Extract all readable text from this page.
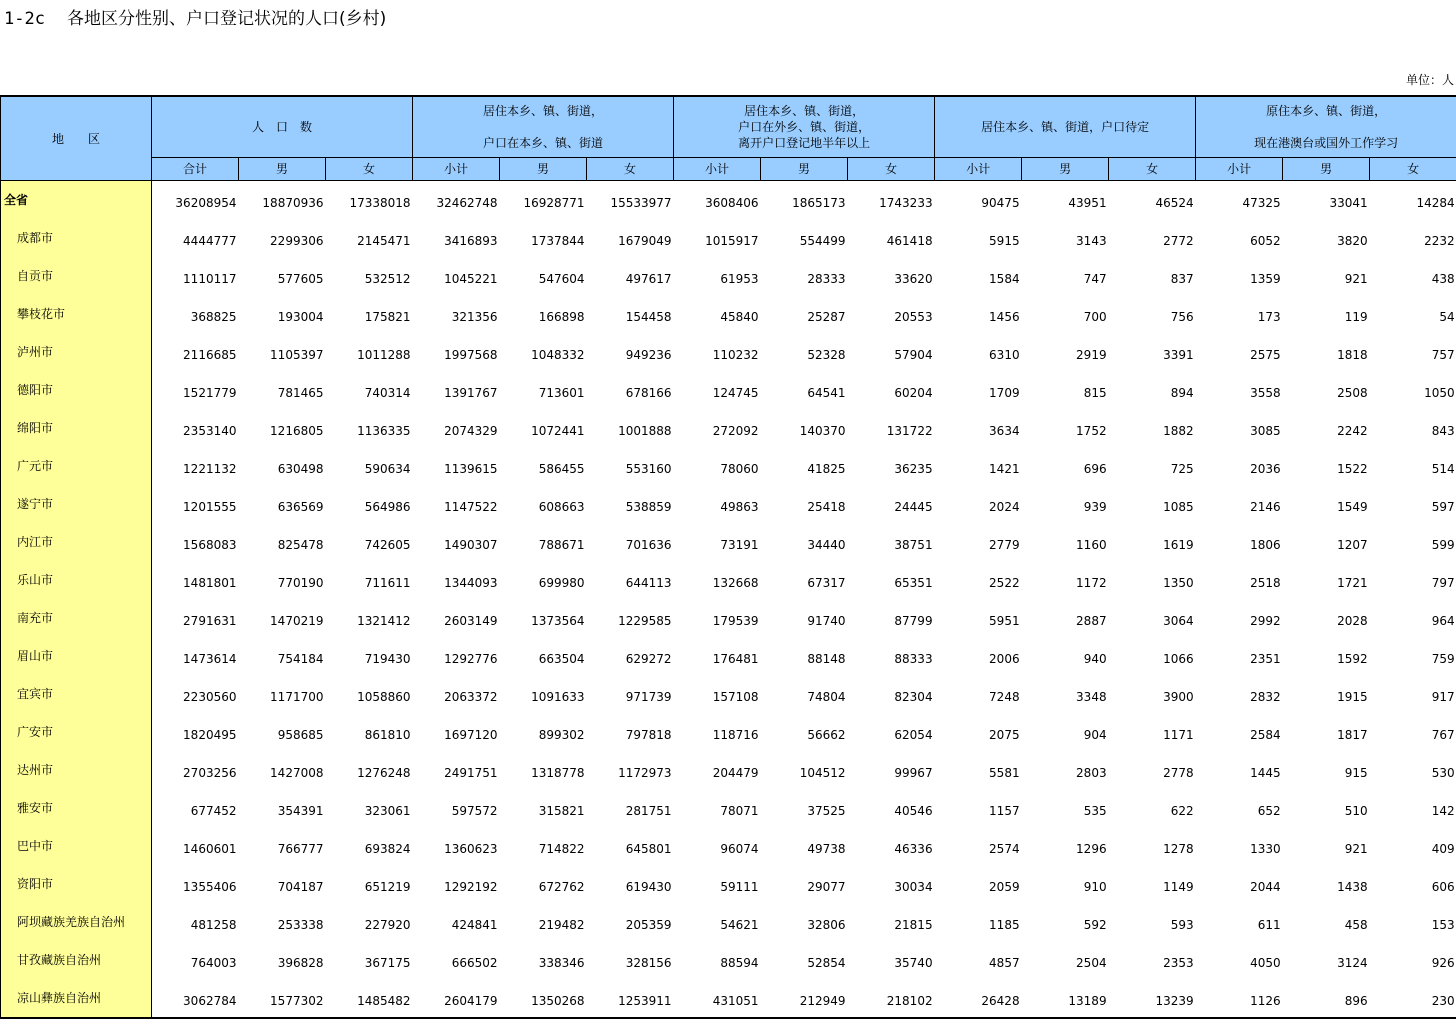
1-2c 各地区分性别、户口登记状况的人口(乡村)
单位：人
地　　区	人　口　数			居住本乡、镇、街道，
户口在本乡、镇、街道			居住本乡、镇、街道，
户口在外乡、镇、街道，
离开户口登记地半年以上			居住本乡、镇、街道，户口待定			原住本乡、镇、街道，
现在港澳台或国外工作学习		

	合计	男	女	小计	男	女	小计	男	女	小计	男	女	小计	男	女
全省	36208954	18870936	17338018	32462748	16928771	15533977	3608406	1865173	1743233	90475	43951	46524	47325	33041	14284
成都市	4444777	2299306	2145471	3416893	1737844	1679049	1015917	554499	461418	5915	3143	2772	6052	3820	2232
自贡市	1110117	577605	532512	1045221	547604	497617	61953	28333	33620	1584	747	837	1359	921	438
攀枝花市	368825	193004	175821	321356	166898	154458	45840	25287	20553	1456	700	756	173	119	54
泸州市	2116685	1105397	1011288	1997568	1048332	949236	110232	52328	57904	6310	2919	3391	2575	1818	757
德阳市	1521779	781465	740314	1391767	713601	678166	124745	64541	60204	1709	815	894	3558	2508	1050
绵阳市	2353140	1216805	1136335	2074329	1072441	1001888	272092	140370	131722	3634	1752	1882	3085	2242	843
广元市	1221132	630498	590634	1139615	586455	553160	78060	41825	36235	1421	696	725	2036	1522	514
遂宁市	1201555	636569	564986	1147522	608663	538859	49863	25418	24445	2024	939	1085	2146	1549	597
内江市	1568083	825478	742605	1490307	788671	701636	73191	34440	38751	2779	1160	1619	1806	1207	599
乐山市	1481801	770190	711611	1344093	699980	644113	132668	67317	65351	2522	1172	1350	2518	1721	797
南充市	2791631	1470219	1321412	2603149	1373564	1229585	179539	91740	87799	5951	2887	3064	2992	2028	964
眉山市	1473614	754184	719430	1292776	663504	629272	176481	88148	88333	2006	940	1066	2351	1592	759
宜宾市	2230560	1171700	1058860	2063372	1091633	971739	157108	74804	82304	7248	3348	3900	2832	1915	917
广安市	1820495	958685	861810	1697120	899302	797818	118716	56662	62054	2075	904	1171	2584	1817	767
达州市	2703256	1427008	1276248	2491751	1318778	1172973	204479	104512	99967	5581	2803	2778	1445	915	530
雅安市	677452	354391	323061	597572	315821	281751	78071	37525	40546	1157	535	622	652	510	142
巴中市	1460601	766777	693824	1360623	714822	645801	96074	49738	46336	2574	1296	1278	1330	921	409
资阳市	1355406	704187	651219	1292192	672762	619430	59111	29077	30034	2059	910	1149	2044	1438	606
阿坝藏族羌族自治州	481258	253338	227920	424841	219482	205359	54621	32806	21815	1185	592	593	611	458	153
甘孜藏族自治州	764003	396828	367175	666502	338346	328156	88594	52854	35740	4857	2504	2353	4050	3124	926
凉山彝族自治州	3062784	1577302	1485482	2604179	1350268	1253911	431051	212949	218102	26428	13189	13239	1126	896	230
